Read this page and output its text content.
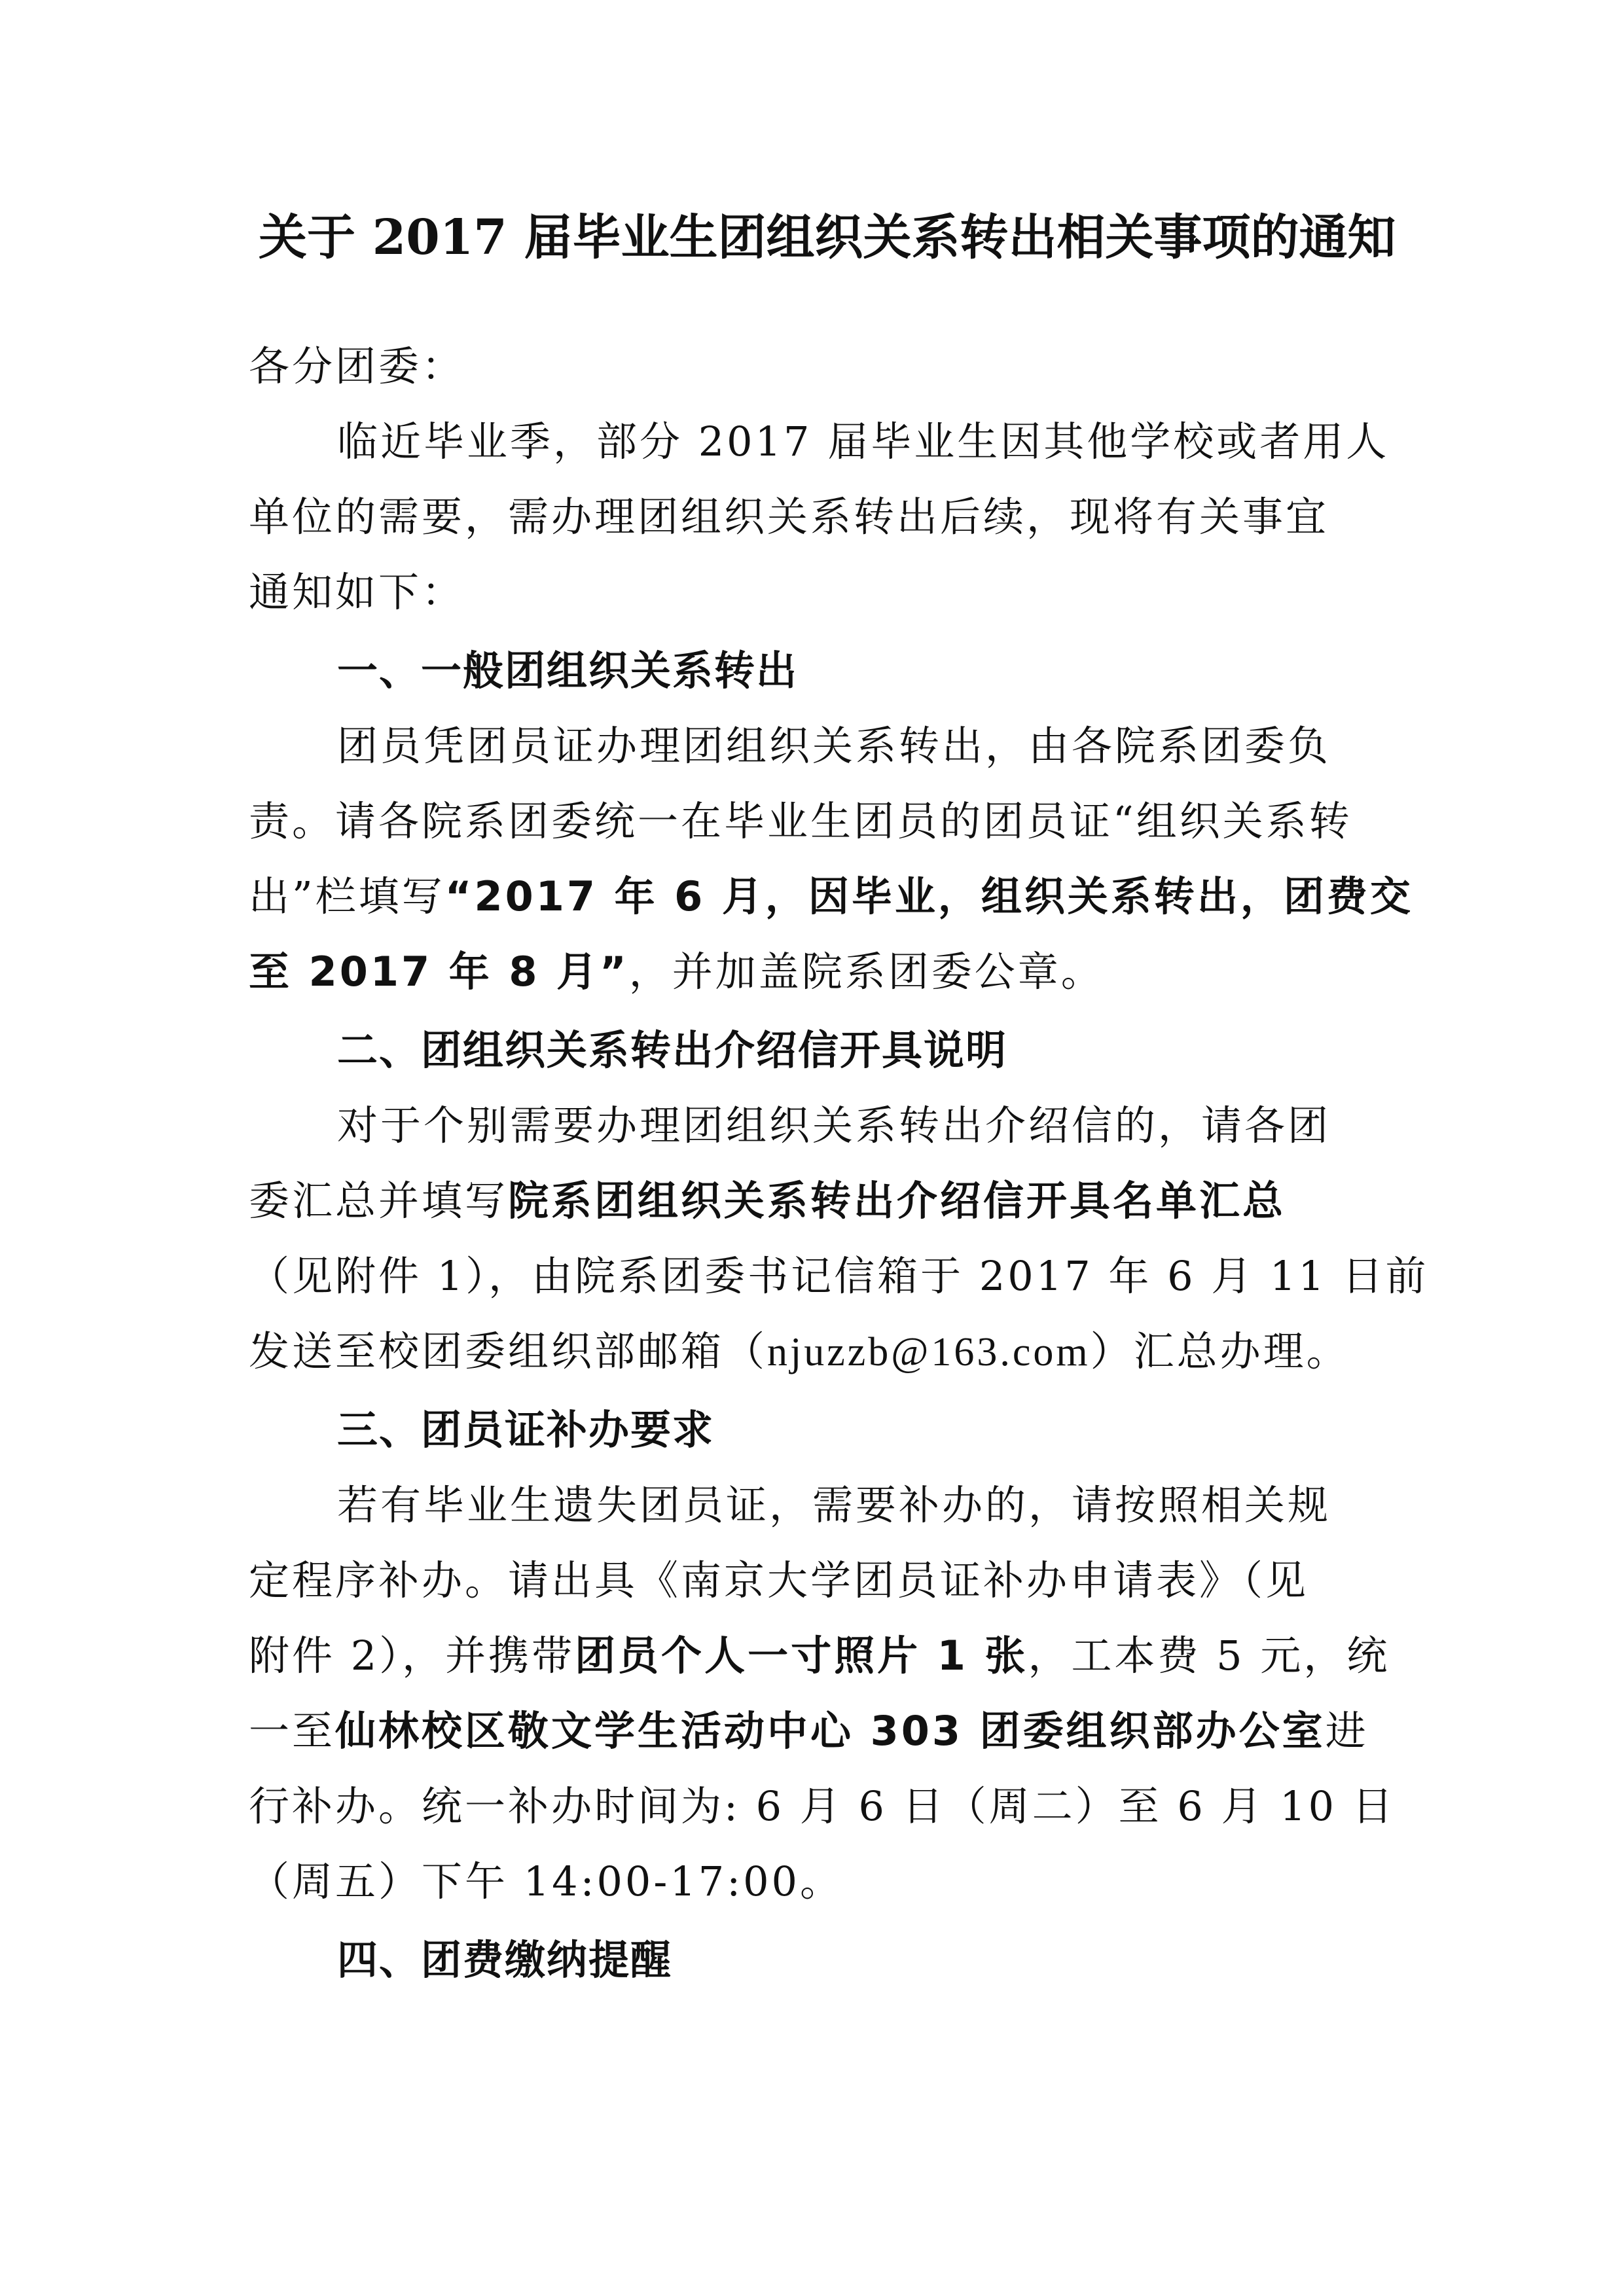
关于 2017 届毕业生团组织关系转出相关事项的通知
各分团委：
临近毕业季，部分 2017 届毕业生因其他学校或者用人
单位的需要，需办理团组织关系转出后续，现将有关事宜
通知如下：
一、一般团组织关系转出
团员凭团员证办理团组织关系转出，由各院系团委负
责。请各院系团委统一在毕业生团员的团员证“组织关系转
出”栏填写“2017 年 6 月，因毕业，组织关系转出，团费交
至 2017 年 8 月”，并加盖院系团委公章。
二、团组织关系转出介绍信开具说明
对于个别需要办理团组织关系转出介绍信的，请各团
委汇总并填写院系团组织关系转出介绍信开具名单汇总
（见附件 1），由院系团委书记信箱于 2017 年 6 月 11 日前
发送至校团委组织部邮箱（njuzzb@163.com）汇总办理。
三、团员证补办要求
若有毕业生遗失团员证，需要补办的，请按照相关规
定程序补办。请出具《南京大学团员证补办申请表》（见
附件 2），并携带团员个人一寸照片 1 张，工本费 5 元，统
一至仙林校区敬文学生活动中心 303 团委组织部办公室进
行补办。统一补办时间为: 6 月 6 日（周二）至 6 月 10 日
（周五）下午 14:00-17:00。
四、团费缴纳提醒
